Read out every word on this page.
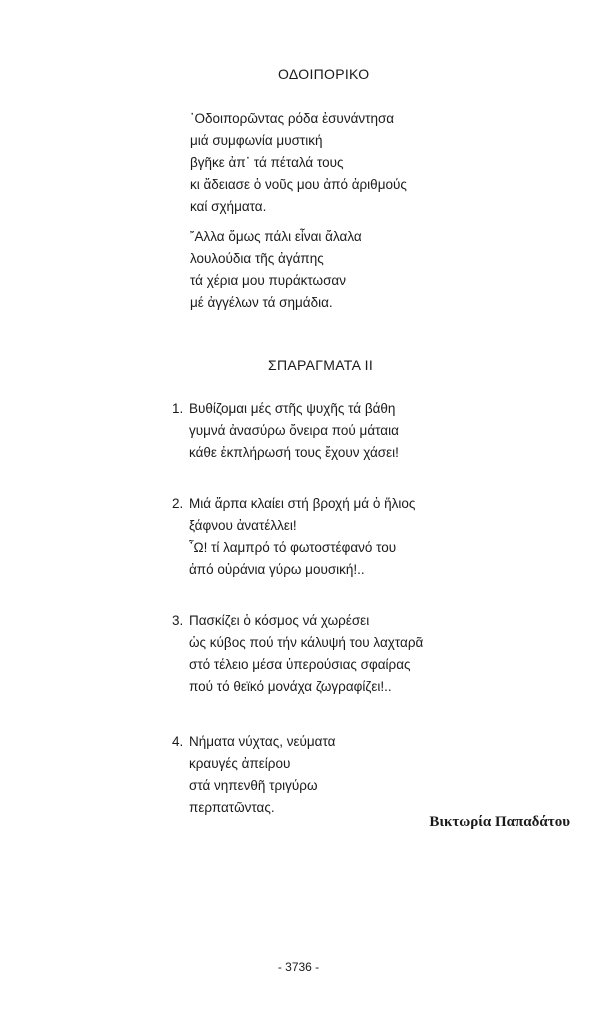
ΟΔΟΙΠΟΡΙΚΟ
῾Οδοιπορῶντας ρόδα ἐσυνάντησα
μιά συμφωνία μυστική
βγῆκε ἀπ᾿ τά πέταλά τους
κι ἄδειασε ὁ νοῦς μου ἀπό ἀριθμούς
καί σχήματα.
῎Αλλα ὅμως πάλι εἶναι ἄλαλα
λουλούδια τῆς ἀγάπης
τά χέρια μου πυράκτωσαν
μέ ἀγγέλων τά σημάδια.
ΣΠΑΡΑΓΜΑΤΑ ΙΙ
1. Βυθίζομαι μές στῆς ψυχῆς τά βάθη
γυμνά ἀνασύρω ὄνειρα πού μάταια
κάθε ἐκπλήρωσή τους ἔχουν χάσει!
2. Μιά ἅρπα κλαίει στή βροχή μά ὁ ἥλιος
ξάφνου ἀνατέλλει!
῏Ω! τί λαμπρό τό φωτοστέφανό του
ἀπό οὐράνια γύρω μουσική!..
3. Πασκίζει ὁ κόσμος νά χωρέσει
ὡς κύβος πού τήν κάλυψή του λαχταρᾶ
στό τέλειο μέσα ὑπερούσιας σφαίρας
πού τό θεϊκό μονάχα ζωγραφίζει!..
4. Νήματα νύχτας, νεύματα
κραυγές ἀπείρου
στά νηπενθῆ τριγύρω
περπατῶντας.
Βικτωρία Παπαδάτου
- 3736 -
